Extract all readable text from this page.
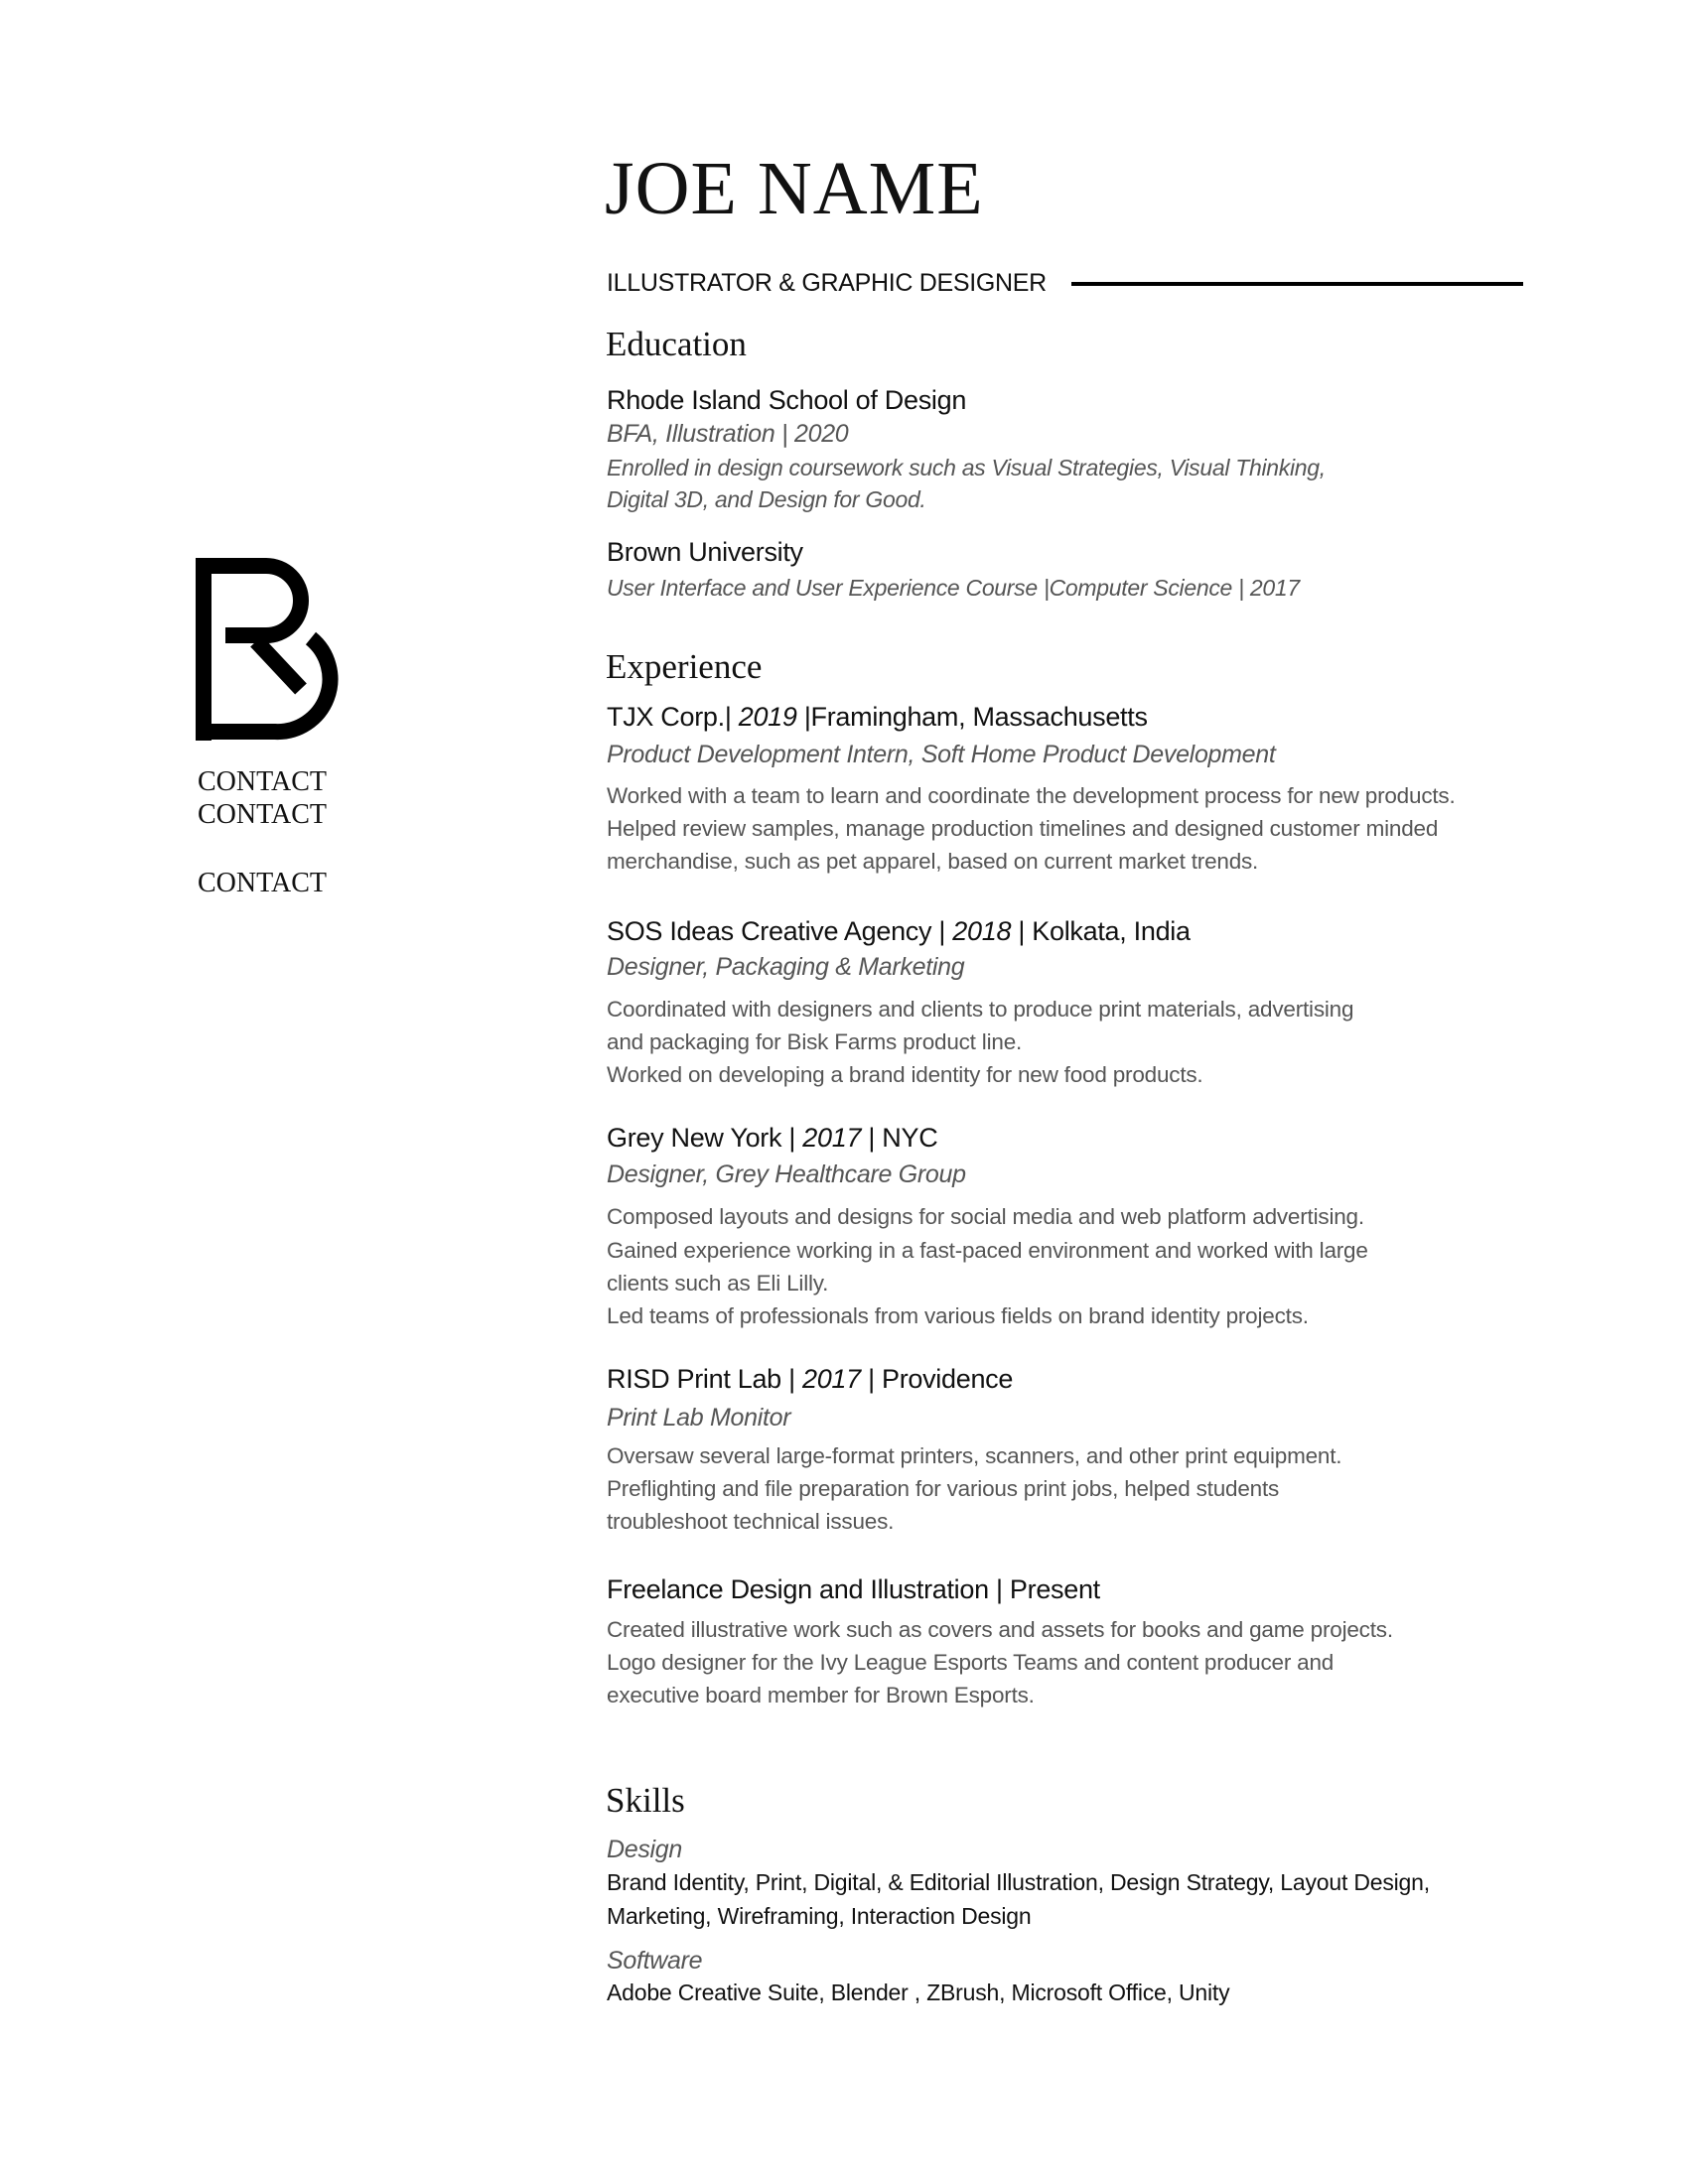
CONTACT
CONTACT
CONTACT
JOE NAME
ILLUSTRATOR & GRAPHIC DESIGNER
Education
Rhode Island School of Design
BFA, Illustration | 2020
Enrolled in design coursework such as Visual Strategies, Visual Thinking,
Digital 3D, and Design for Good.
Brown University
User Interface and User Experience Course |Computer Science | 2017
Experience
TJX Corp.| 2019 |Framingham, Massachusetts
Product Development Intern, Soft Home Product Development
Worked with a team to learn and coordinate the development process for new products.
Helped review samples, manage production timelines and designed customer minded
merchandise, such as pet apparel, based on current market trends.
SOS Ideas Creative Agency | 2018 | Kolkata, India
Designer, Packaging & Marketing
Coordinated with designers and clients to produce print materials, advertising
and packaging for Bisk Farms product line.
Worked on developing a brand identity for new food products.
Grey New York | 2017 | NYC
Designer, Grey Healthcare Group
Composed layouts and designs for social media and web platform advertising.
Gained experience working in a fast-paced environment and worked with large
clients such as Eli Lilly.
Led teams of professionals from various fields on brand identity projects.
RISD Print Lab | 2017 | Providence
Print Lab Monitor
Oversaw several large-format printers, scanners, and other print equipment.
Preflighting and file preparation for various print jobs, helped students
troubleshoot technical issues.
Freelance Design and Illustration | Present
Created illustrative work such as covers and assets for books and game projects.
Logo designer for the Ivy League Esports Teams and content producer and
executive board member for Brown Esports.
Skills
Design
Brand Identity, Print, Digital, & Editorial Illustration, Design Strategy, Layout Design,
Marketing, Wireframing, Interaction Design
Software
Adobe Creative Suite, Blender , ZBrush, Microsoft Office, Unity
